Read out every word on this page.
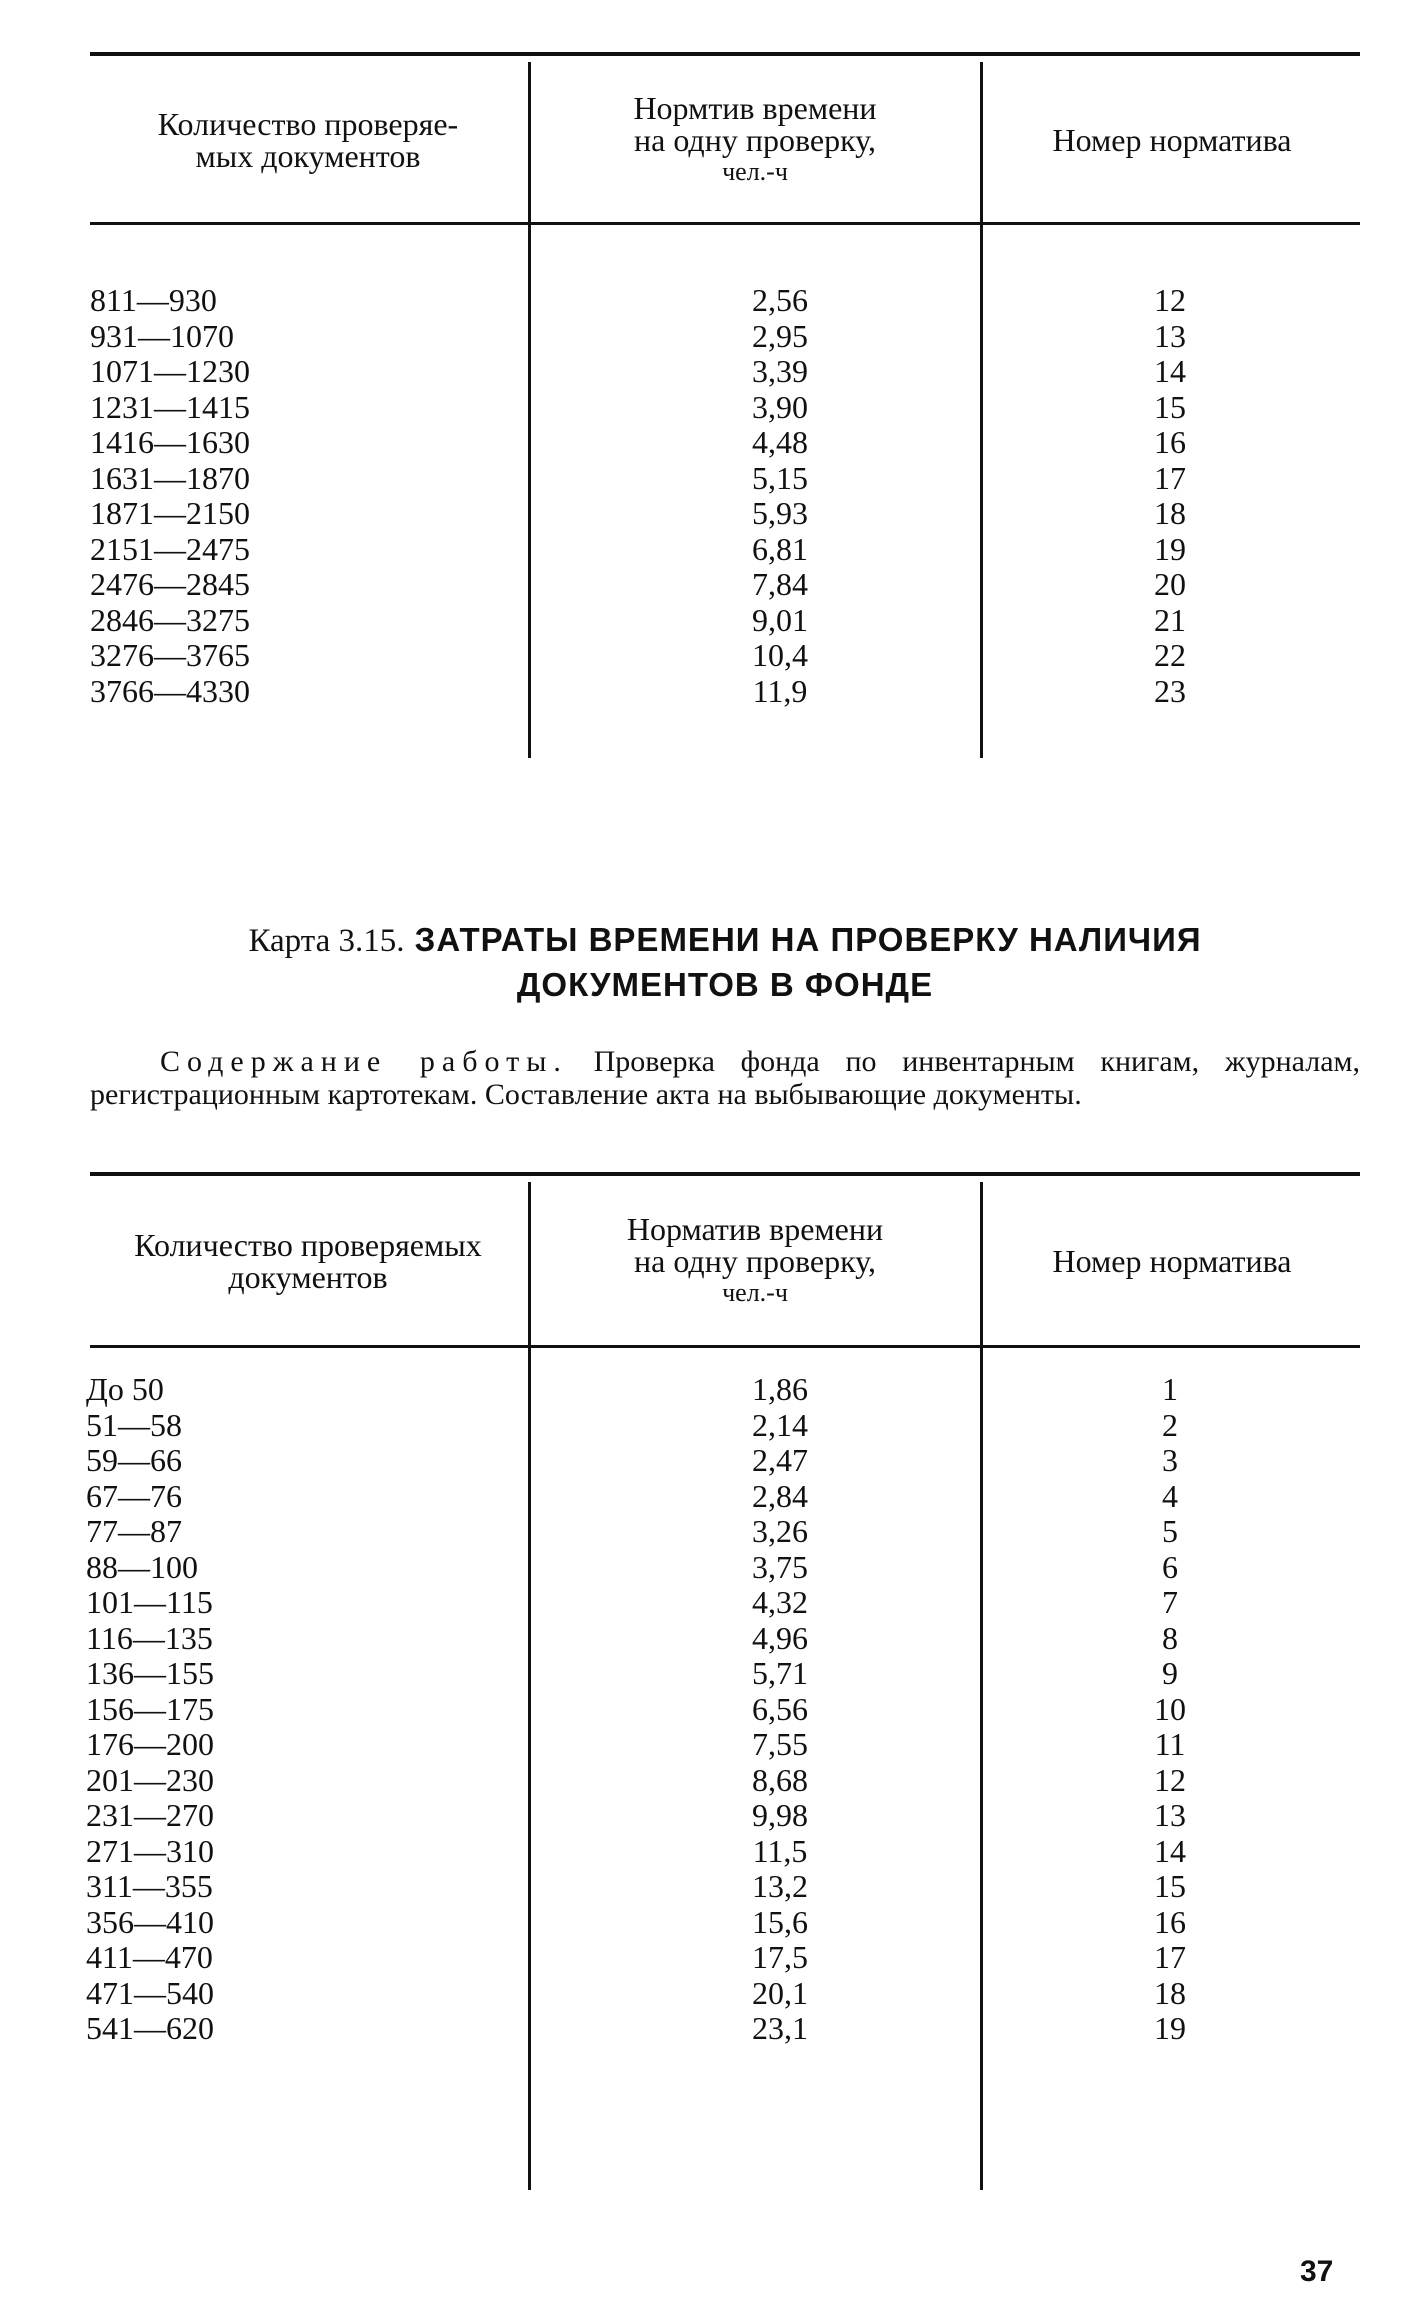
Количество проверяе-
мых документов
Нормтив времени
на одну проверку,
чел.-ч
Номер норматива
811—930
931—1070
1071—1230
1231—1415
1416—1630
1631—1870
1871—2150
2151—2475
2476—2845
2846—3275
3276—3765
3766—4330
2,56
2,95
3,39
3,90
4,48
5,15
5,93
6,81
7,84
9,01
10,4
11,9
12
13
14
15
16
17
18
19
20
21
22
23
Карта 3.15. ЗАТРАТЫ ВРЕМЕНИ НА ПРОВЕРКУ НАЛИЧИЯ
ДОКУМЕНТОВ В ФОНДЕ
Содержание работы. Проверка фонда по инвентарным книгам, журналам, регистрационным картотекам. Составление акта на выбывающие документы.
Количество проверяемых
документов
Норматив времени
на одну проверку,
чел.-ч
Номер норматива
До 50
51—58
59—66
67—76
77—87
88—100
101—115
116—135
136—155
156—175
176—200
201—230
231—270
271—310
311—355
356—410
411—470
471—540
541—620
1,86
2,14
2,47
2,84
3,26
3,75
4,32
4,96
5,71
6,56
7,55
8,68
9,98
11,5
13,2
15,6
17,5
20,1
23,1
1
2
3
4
5
6
7
8
9
10
11
12
13
14
15
16
17
18
19
37
